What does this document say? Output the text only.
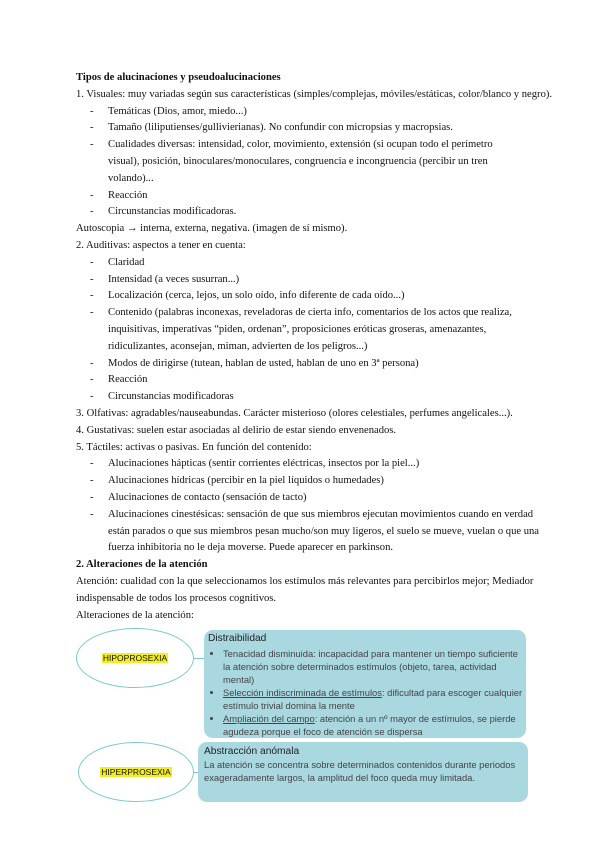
Tipos de alucinaciones y pseudoalucinaciones
1. Visuales: muy variadas según sus características (simples/complejas, móviles/estáticas, color/blanco y negro).
- Temáticas (Dios, amor, miedo...)
- Tamaño (liliputienses/gullivierianas). No confundir con micropsias y macropsias.
- Cualidades diversas: intensidad, color, movimiento, extensión (si ocupan todo el perímetro visual), posición, binoculares/monoculares, congruencia e incongruencia (percibir un tren volando)...
- Reacción
- Circunstancias modificadoras.
Autoscopia → interna, externa, negativa. (imagen de sí mismo).
2. Auditivas: aspectos a tener en cuenta:
- Claridad
- Intensidad (a veces susurran...)
- Localización (cerca, lejos, un solo oído, info diferente de cada oído...)
- Contenido (palabras inconexas, reveladoras de cierta info, comentarios de los actos que realiza, inquisitivas, imperativas “piden, ordenan”, proposiciones eróticas groseras, amenazantes, ridiculizantes, aconsejan, miman, advierten de los peligros...)
- Modos de dirigirse (tutean, hablan de usted, hablan de uno en 3ª persona)
- Reacción
- Circunstancias modificadoras
3. Olfativas: agradables/nauseabundas. Carácter misterioso (olores celestiales, perfumes angelicales...).
4. Gustativas: suelen estar asociadas al delirio de estar siendo envenenados.
5. Táctiles: activas o pasivas. En función del contenido:
- Alucinaciones hápticas (sentir corrientes eléctricas, insectos por la piel...)
- Alucinaciones hídricas (percibir en la piel líquidos o humedades)
- Alucinaciones de contacto (sensación de tacto)
- Alucinaciones cinestésicas: sensación de que sus miembros ejecutan movimientos cuando en verdad están parados o que sus miembros pesan mucho/son muy ligeros, el suelo se mueve, vuelan o que una fuerza inhibitoria no le deja moverse. Puede aparecer en parkinson.
2. Alteraciones de la atención
Atención: cualidad con la que seleccionamos los estímulos más relevantes para percibirlos mejor; Mediador indispensable de todos los procesos cognitivos.
Alteraciones de la atención:
HIPOPROSEXIA
HIPERPROSEXIA
Distraibilidad
• Tenacidad disminuida: incapacidad para mantener un tiempo suficiente la atención sobre determinados estímulos (objeto, tarea, actividad mental)
• Selección indiscriminada de estímulos: dificultad para escoger cualquier estímulo trivial domina la mente
• Ampliación del campo: atención a un nº mayor de estímulos, se pierde agudeza porque el foco de atención se dispersa
Abstracción anómala
La atención se concentra sobre determinados contenidos durante periodos exageradamente largos, la amplitud del foco queda muy limitada.
